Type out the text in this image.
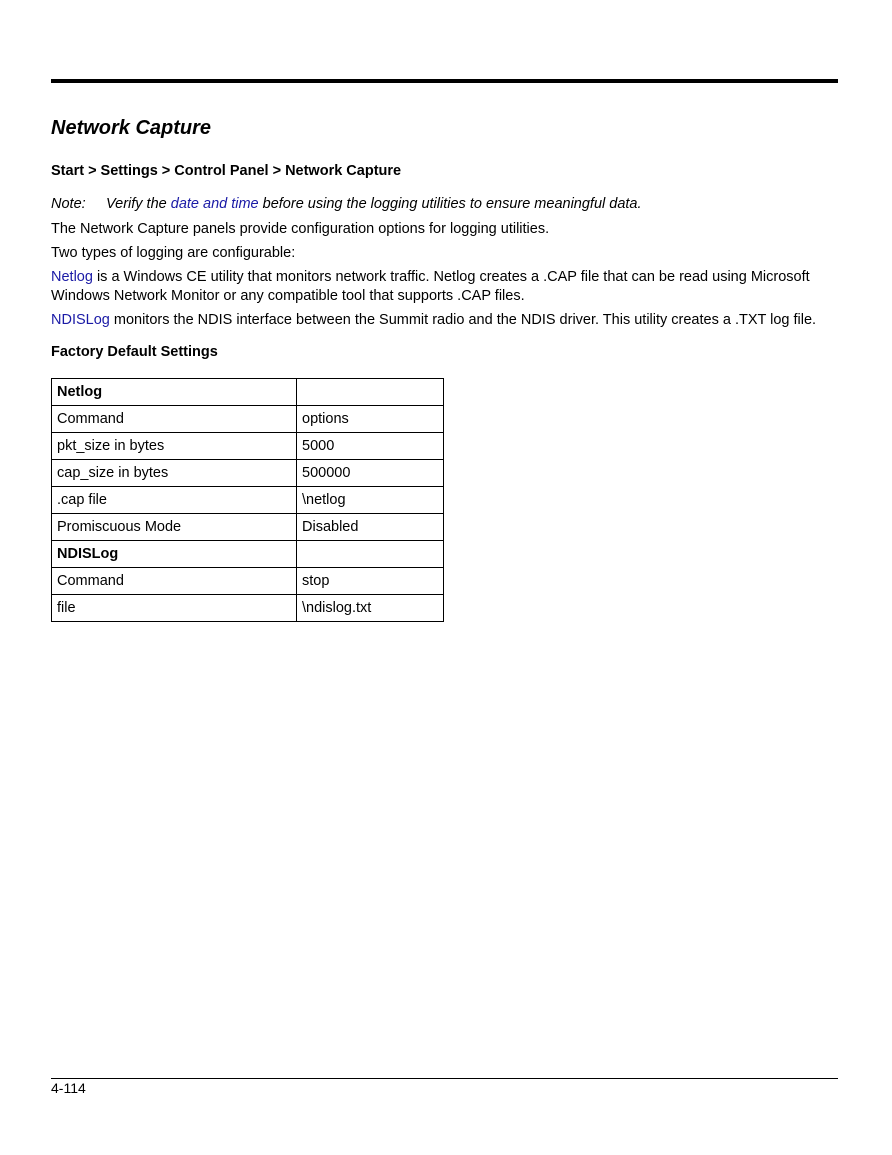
Network Capture
Start > Settings > Control Panel > Network Capture
Note: Verify the date and time before using the logging utilities to ensure meaningful data.
The Network Capture panels provide configuration options for logging utilities.
Two types of logging are configurable:
Netlog is a Windows CE utility that monitors network traffic. Netlog creates a .CAP file that can be read using Microsoft Windows Network Monitor or any compatible tool that supports .CAP files.
NDISLog monitors the NDIS interface between the Summit radio and the NDIS driver. This utility creates a .TXT log file.
Factory Default Settings
Netlog	
Command	options
pkt_size in bytes	5000
cap_size in bytes	500000
.cap file	\netlog
Promiscuous Mode	Disabled
NDISLog	
Command	stop
file	\ndislog.txt
4-114
